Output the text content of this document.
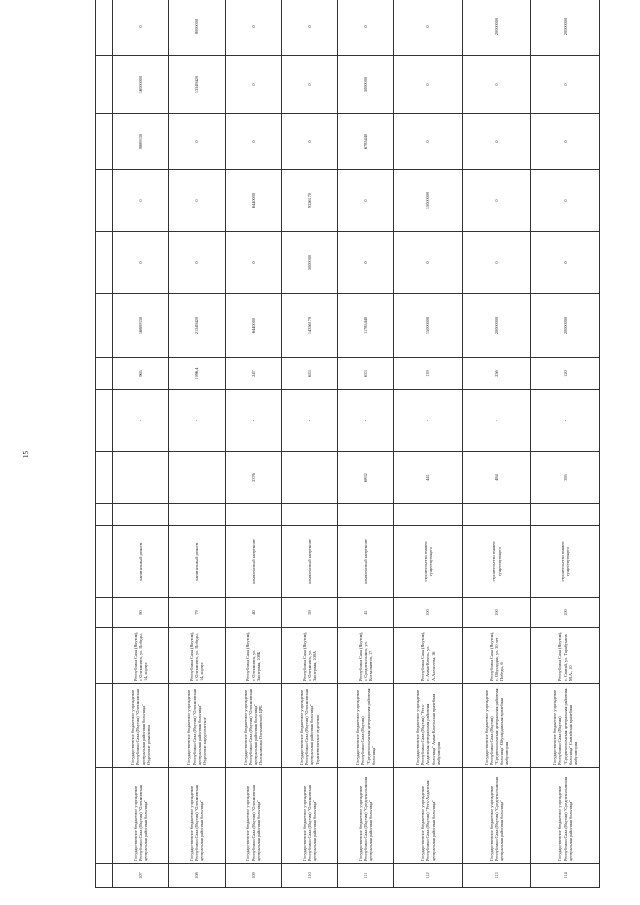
15

107	Государственное бюджетное учреждение Республики Саха (Якутия) "Олекминская центральная районная больница"	Государственное бюджетное учреждение Республики Саха (Якутия) "Олекминская центральная районная больница" Отделение романовка	Республика Саха (Якутия), г. Олекминск, ул. Победы, 14, корпус	80	капитальный ремонт			-	965	16889330	0	0	9889330	16000000	0
108	Государственное бюджетное учреждение Республики Саха (Якутия) "Олекминская центральная районная больница"	Государственное бюджетное учреждение Республики Саха (Якутия) "Олекминская центральная районная больница" Отделение хирургическое	Республика Саха (Якутия), г. Олекминск, ул. Победы, 14, корпус	79	капитальный ремонт			-	1096,4	21549420	0	0	0	13549420	8000000
109	Государственное бюджетное учреждение Республики Саха (Якутия) "Олекминская центральная районная больница"	Государственное бюджетное учреждение Республики Саха (Якутия) "Олекминская центральная районная больница" Поликлиника Олекминской ЦРБ	Республика Саха (Якутия), г. Олекминск, ул. Заозерная, 108Б	40	комплексный капремонт		2376	-	247	6440000	0	6440000	0	0	0
110	Государственное бюджетное учреждение Республики Саха (Якутия) "Олекминская центральная районная больница"	Государственное бюджетное учреждение Республики Саха (Якутия) "Олекминская центральная районная больница" Терапевтическое отделение	Республика Саха (Якутия), г. Олекминск, ул. Заозерная, 108А	59	комплексный капремонт			-	653	14356170	5000000	9356170	0	0	0
111	Государственное бюджетное учреждение Республики Саха (Якутия) "Среднеколымская центральная районная больница"	Государственное бюджетное учреждение Республики Саха (Якутия) "Среднеколымская центральная районная больница"	Республика Саха (Якутия), г. Среднеколымск, ул. Космонавтов, 17	41	комплексный капремонт		6832	-	633	11785440	0	0	6785440	5000000	0
112	Государственное бюджетное учреждение Республики Саха (Якутия) "Усть-Алданская центральная районная больница"	Государственное бюджетное учреждение Республики Саха (Якутия) "Усть-Алданская центральная районная больница" Амма-Кюельская врачебная амбулатория	Республика Саха (Якутия), с. Амма-Кюель, ул. А.Алексеева, 16	100	строительство взамен существующего		441	-	139	15000000	0	15000000	0	0	0
113	Государственное бюджетное учреждение Республики Саха (Якутия) "Среднеколымская центральная районная больница"	Государственное бюджетное учреждение Республики Саха (Якутия) "Среднеколымская центральная районная больница" Ойусардахская врачебная амбулатория	Республика Саха (Якутия), с. Ойусардах, ул. 30 лет Победы, 6	100	строительство взамен существующего		484	-	256	20000000	0	0	0	0	20000000
114	Государственное бюджетное учреждение Республики Саха (Якутия) "Среднеколымская центральная районная больница"	Государственное бюджетное учреждение Республики Саха (Якутия) "Среднеколымская центральная районная больница" Сватайская врачебная амбулатория	Республика Саха (Якутия), с. Сватай, ул. Тарабукина М.А., 10	100	строительство взамен существующего		395	-	120	20000000	0	0	0	0	20000000
